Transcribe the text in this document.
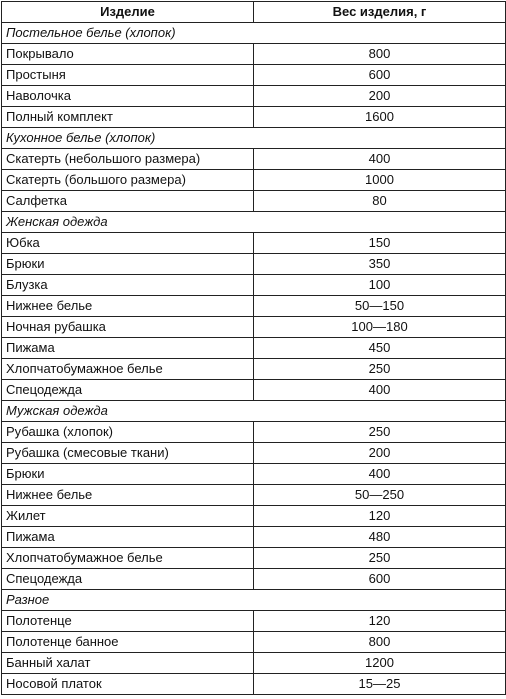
Изделие	Вес изделия, г
Постельное белье (хлопок)	
Покрывало	800
Простыня	600
Наволочка	200
Полный комплект	1600
Кухонное белье (хлопок)	
Скатерть (небольшого размера)	400
Скатерть (большого размера)	1000
Салфетка	80
Женская одежда	
Юбка	150
Брюки	350
Блузка	100
Нижнее белье	50—150
Ночная рубашка	100—180
Пижама	450
Хлопчатобумажное белье	250
Спецодежда	400
Мужская одежда	
Рубашка (хлопок)	250
Рубашка (смесовые ткани)	200
Брюки	400
Нижнее белье	50—250
Жилет	120
Пижама	480
Хлопчатобумажное белье	250
Спецодежда	600
Разное	
Полотенце	120
Полотенце банное	800
Банный халат	1200
Носовой платок	15—25
